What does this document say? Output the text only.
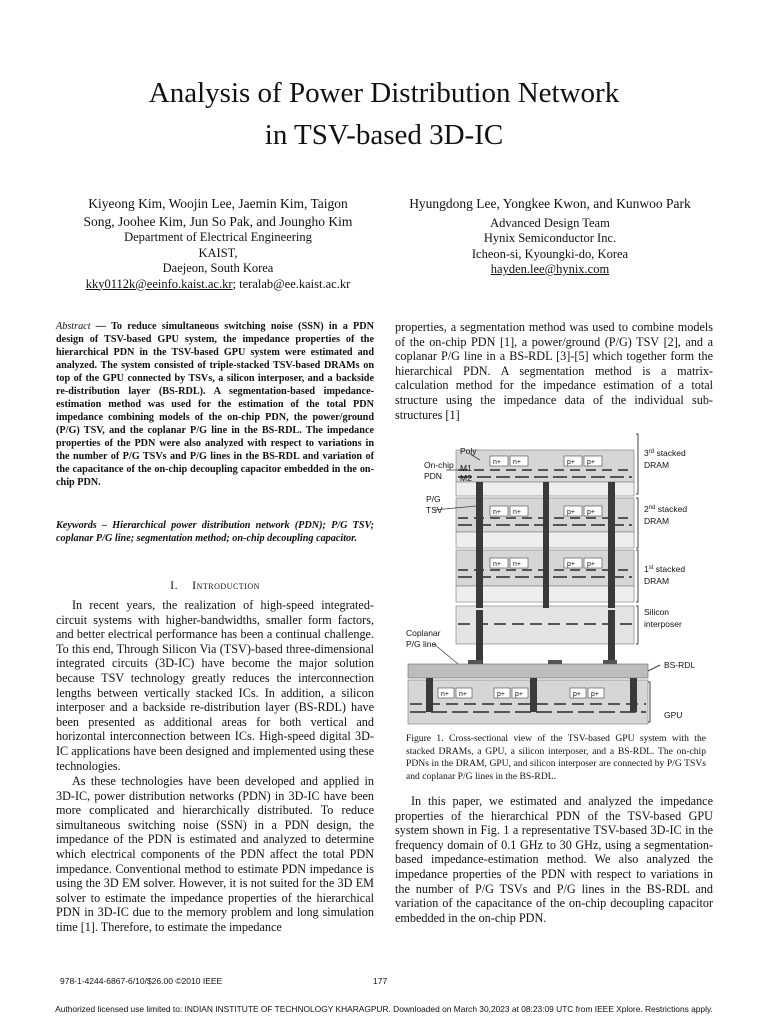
Analysis of Power Distribution Network
in TSV-based 3D-IC
Kiyeong Kim, Woojin Lee, Jaemin Kim, Taigon
Song, Joohee Kim, Jun So Pak, and Joungho Kim
Department of Electrical Engineering
KAIST,
Daejeon, South Korea
kky0112k@eeinfo.kaist.ac.kr; teralab@ee.kaist.ac.kr
Hyungdong Lee, Yongkee Kwon, and Kunwoo Park
Advanced Design Team
Hynix Semiconductor Inc.
Icheon-si, Kyoungki-do, Korea
hayden.lee@hynix.com
Abstract — To reduce simultaneous switching noise (SSN) in a PDN design of TSV-based GPU system, the impedance properties of the hierarchical PDN in the TSV-based GPU system were estimated and analyzed. The system consisted of triple-stacked TSV-based DRAMs on top of the GPU connected by TSVs, a silicon interposer, and a backside re-distribution layer (BS-RDL). A segmentation-based impedance-estimation method was used for the estimation of the total PDN impedance combining models of the on-chip PDN, the power/ground (P/G) TSV, and the coplanar P/G line in the BS-RDL. The impedance properties of the PDN were also analyzed with respect to variations in the number of P/G TSVs and P/G lines in the BS-RDL and variation of the capacitance of the on-chip decoupling capacitor embedded in the on-chip PDN.
Keywords – Hierarchical power distribution network (PDN); P/G TSV; coplanar P/G line; segmentation method; on-chip decoupling capacitor.
I. Introduction
In recent years, the realization of high-speed integrated-circuit systems with higher-bandwidths, smaller form factors, and better electrical performance has been a continual challenge. To this end, Through Silicon Via (TSV)-based three-dimensional integrated circuits (3D-IC) have become the major solution because TSV technology greatly reduces the interconnection lengths between vertically stacked ICs. In addition, a silicon interposer and a backside re-distribution layer (BS-RDL) have been presented as additional areas for both vertical and horizontal interconnection between ICs. High-speed digital 3D-IC applications have been designed and implemented using these technologies.
As these technologies have been developed and applied in 3D-IC, power distribution networks (PDN) in 3D-IC have been more complicated and hierarchically distributed. To reduce simultaneous switching noise (SSN) in a PDN design, the impedance of the PDN is estimated and analyzed to determine which electrical components of the PDN affect the total PDN impedance. Conventional method to estimate PDN impedance is using the 3D EM solver. However, it is not suited for the 3D EM solver to estimate the impedance properties of the hierarchical PDN in 3D-IC due to the memory problem and long simulation time [1]. Therefore, to estimate the impedance
properties, a segmentation method was used to combine models of the on-chip PDN [1], a power/ground (P/G) TSV [2], and a coplanar P/G line in a BS-RDL [3]-[5] which together form the hierarchical PDN. A segmentation method is a matrix-calculation method for the impedance estimation of a total structure using the impedance data of the individual sub-structures [1]
n+ n+	p+ p+
n+ n+	p+ p+
n+ n+	p+ p+
n+ n+	p+ p+	p+ p+
Poly
On-chip
PDN
M1
M2
P/G
TSV
Coplanar
P/G line
3rd stacked
DRAM
2nd stacked
DRAM
1st stacked
DRAM
Silicon
interposer
BS-RDL
GPU
Figure 1. Cross-sectional view of the TSV-based GPU system with the stacked DRAMs, a GPU, a silicon interposer, and a BS-RDL. The on-chip PDNs in the DRAM, GPU, and silicon interposer are connected by P/G TSVs and coplanar P/G lines in the BS-RDL.
In this paper, we estimated and analyzed the impedance properties of the hierarchical PDN of the TSV-based GPU system shown in Fig. 1 a representative TSV-based 3D-IC in the frequency domain of 0.1 GHz to 30 GHz, using a segmentation-based impedance-estimation method. We also analyzed the impedance properties of the PDN with respect to variations in the number of P/G TSVs and P/G lines in the BS-RDL and variation of the capacitance of the on-chip decoupling capacitor embedded in the on-chip PDN.
978-1-4244-6867-6/10/$26.00 ©2010 IEEE	177
Authorized licensed use limited to: INDIAN INSTITUTE OF TECHNOLOGY KHARAGPUR. Downloaded on March 30,2023 at 08:23:09 UTC from IEEE Xplore. Restrictions apply.
